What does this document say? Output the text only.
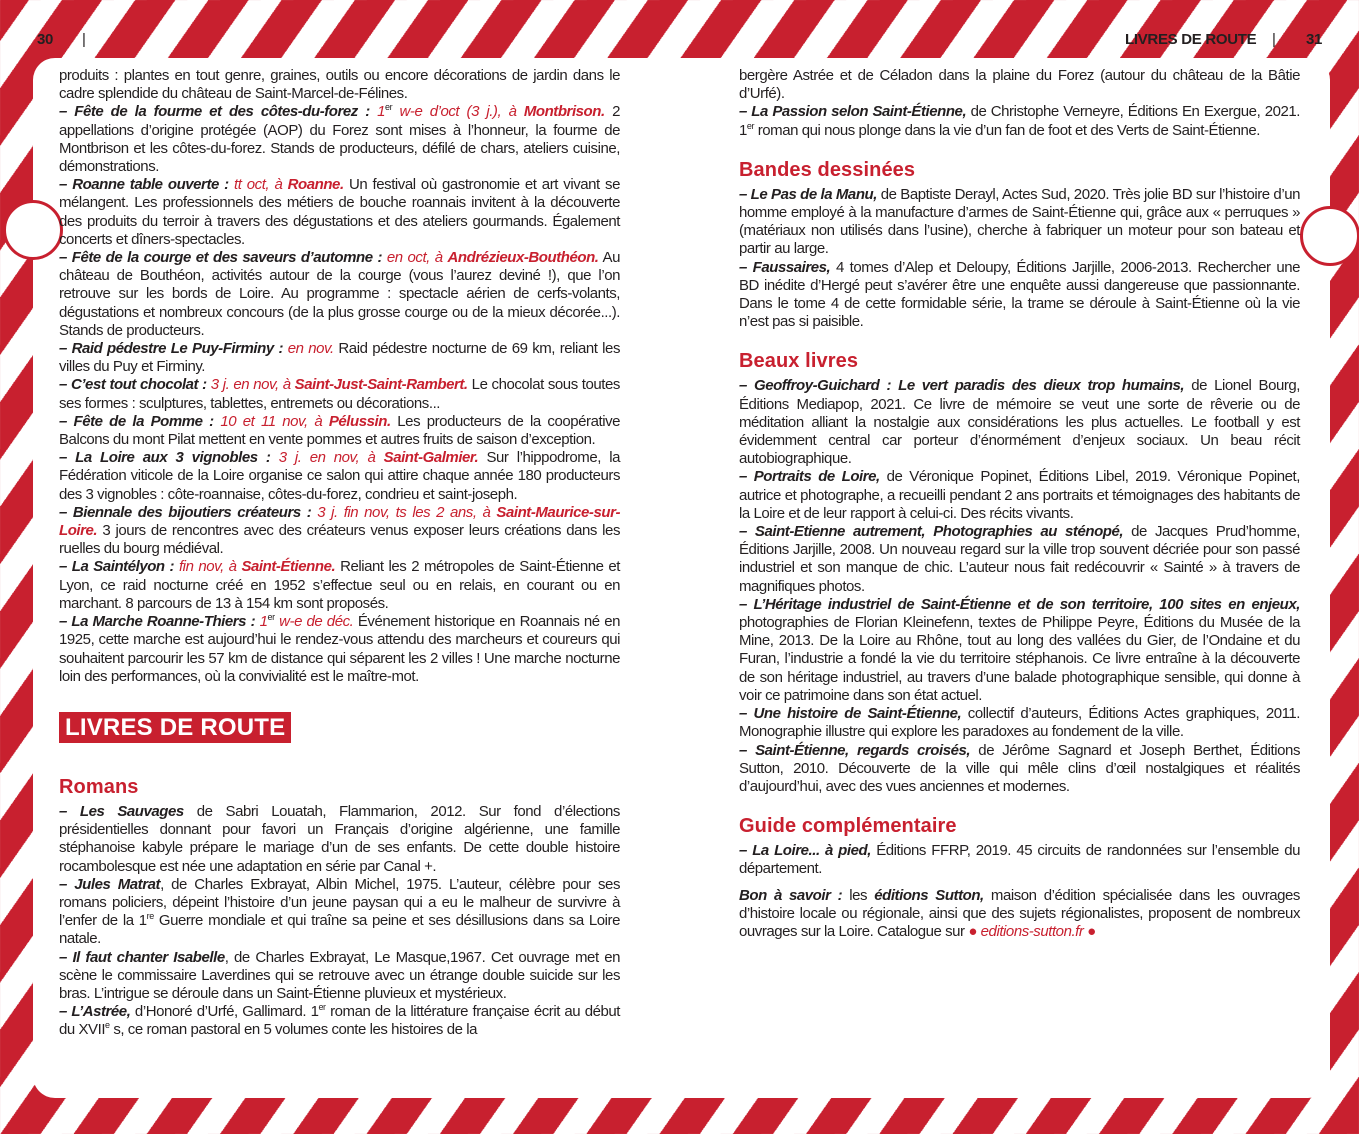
30 |	LIVRES DE ROUTE | 31

produits : plantes en tout genre, graines, outils ou encore décorations de jardin dans le cadre splendide du château de Saint-Marcel-de-Félines.

– Fête de la fourme et des côtes-du-forez : 1er w-e d’oct (3 j.), à Montbrison. 2 appellations d’origine protégée (AOP) du Forez sont mises à l’honneur, la fourme de Montbrison et les côtes-du-forez. Stands de producteurs, défilé de chars, ateliers cuisine, démonstrations.

– Roanne table ouverte : tt oct, à Roanne. Un festival où gastronomie et art vivant se mélangent. Les professionnels des métiers de bouche roannais invitent à la découverte des produits du terroir à travers des dégustations et des ateliers gourmands. Également concerts et dîners-spectacles.

– Fête de la courge et des saveurs d’automne : en oct, à Andrézieux-Bouthéon. Au château de Bouthéon, activités autour de la courge (vous l’aurez deviné !), que l’on retrouve sur les bords de Loire. Au programme : spectacle aérien de cerfs-volants, dégustations et nombreux concours (de la plus grosse courge ou de la mieux décorée...). Stands de producteurs.

– Raid pédestre Le Puy-Firminy : en nov. Raid pédestre nocturne de 69 km, reliant les villes du Puy et Firminy.

– C’est tout chocolat : 3 j. en nov, à Saint-Just-Saint-Rambert. Le chocolat sous toutes ses formes : sculptures, tablettes, entremets ou décorations...

– Fête de la Pomme : 10 et 11 nov, à Pélussin. Les producteurs de la coopérative Balcons du mont Pilat mettent en vente pommes et autres fruits de saison d’exception.

– La Loire aux 3 vignobles : 3 j. en nov, à Saint-Galmier. Sur l’hippodrome, la Fédération viticole de la Loire organise ce salon qui attire chaque année 180 producteurs des 3 vignobles : côte-roannaise, côtes-du-forez, condrieu et saint-joseph.

– Biennale des bijoutiers créateurs : 3 j. fin nov, ts les 2 ans, à Saint-Maurice-sur-Loire. 3 jours de rencontres avec des créateurs venus exposer leurs créations dans les ruelles du bourg médiéval.

– La Saintélyon : fin nov, à Saint-Étienne. Reliant les 2 métropoles de Saint-Étienne et Lyon, ce raid nocturne créé en 1952 s’effectue seul ou en relais, en courant ou en marchant. 8 parcours de 13 à 154 km sont proposés.

– La Marche Roanne-Thiers : 1er w-e de déc. Événement historique en Roannais né en 1925, cette marche est aujourd’hui le rendez-vous attendu des marcheurs et coureurs qui souhaitent parcourir les 57 km de distance qui séparent les 2 villes ! Une marche nocturne loin des performances, où la convivialité est le maître-mot.

LIVRES DE ROUTE
Romans

– Les Sauvages de Sabri Louatah, Flammarion, 2012. Sur fond d’élections présidentielles donnant pour favori un Français d’origine algérienne, une famille stéphanoise kabyle prépare le mariage d’un de ses enfants. De cette double histoire rocambolesque est née une adaptation en série par Canal +.

– Jules Matrat, de Charles Exbrayat, Albin Michel, 1975. L’auteur, célèbre pour ses romans policiers, dépeint l’histoire d’un jeune paysan qui a eu le malheur de survivre à l’enfer de la 1re Guerre mondiale et qui traîne sa peine et ses désillusions dans sa Loire natale.

– Il faut chanter Isabelle, de Charles Exbrayat, Le Masque,1967. Cet ouvrage met en scène le commissaire Laverdines qui se retrouve avec un étrange double suicide sur les bras. L’intrigue se déroule dans un Saint-Étienne pluvieux et mystérieux.

– L’Astrée, d’Honoré d’Urfé, Gallimard. 1er roman de la littérature française écrit au début du XVIIe s, ce roman pastoral en 5 volumes conte les histoires de la

bergère Astrée et de Céladon dans la plaine du Forez (autour du château de la Bâtie d’Urfé).

– La Passion selon Saint-Étienne, de Christophe Verneyre, Éditions En Exergue, 2021. 1er roman qui nous plonge dans la vie d’un fan de foot et des Verts de Saint-Étienne.

Bandes dessinées

– Le Pas de la Manu, de Baptiste Derayl, Actes Sud, 2020. Très jolie BD sur l’histoire d’un homme employé à la manufacture d’armes de Saint-Étienne qui, grâce aux « perruques » (matériaux non utilisés dans l’usine), cherche à fabriquer un moteur pour son bateau et partir au large.

– Faussaires, 4 tomes d’Alep et Deloupy, Éditions Jarjille, 2006-2013. Rechercher une BD inédite d’Hergé peut s’avérer être une enquête aussi dangereuse que passionnante. Dans le tome 4 de cette formidable série, la trame se déroule à Saint-Étienne où la vie n’est pas si paisible.

Beaux livres

– Geoffroy-Guichard : Le vert paradis des dieux trop humains, de Lionel Bourg, Éditions Mediapop, 2021. Ce livre de mémoire se veut une sorte de rêverie ou de méditation alliant la nostalgie aux considérations les plus actuelles. Le football y est évidemment central car porteur d’énormément d’enjeux sociaux. Un beau récit autobiographique.

– Portraits de Loire, de Véronique Popinet, Éditions Libel, 2019. Véronique Popinet, autrice et photographe, a recueilli pendant 2 ans portraits et témoignages des habitants de la Loire et de leur rapport à celui-ci. Des récits vivants.

– Saint-Etienne autrement, Photographies au sténopé, de Jacques Prud’homme, Éditions Jarjille, 2008. Un nouveau regard sur la ville trop souvent décriée pour son passé industriel et son manque de chic. L’auteur nous fait redécouvrir « Sainté » à travers de magnifiques photos.

– L’Héritage industriel de Saint-Étienne et de son territoire, 100 sites en enjeux, photographies de Florian Kleinefenn, textes de Philippe Peyre, Éditions du Musée de la Mine, 2013. De la Loire au Rhône, tout au long des vallées du Gier, de l’Ondaine et du Furan, l’industrie a fondé la vie du territoire stéphanois. Ce livre entraîne à la découverte de son héritage industriel, au travers d’une balade photographique sensible, qui donne à voir ce patrimoine dans son état actuel.

– Une histoire de Saint-Étienne, collectif d’auteurs, Éditions Actes graphiques, 2011. Monographie illustre qui explore les paradoxes au fondement de la ville.

– Saint-Étienne, regards croisés, de Jérôme Sagnard et Joseph Berthet, Éditions Sutton, 2010. Découverte de la ville qui mêle clins d’œil nostalgiques et réalités d’aujourd’hui, avec des vues anciennes et modernes.

Guide complémentaire

– La Loire... à pied, Éditions FFRP, 2019. 45 circuits de randonnées sur l’ensemble du département.

Bon à savoir : les éditions Sutton, maison d’édition spécialisée dans les ouvrages d’histoire locale ou régionale, ainsi que des sujets régionalistes, proposent de nombreux ouvrages sur la Loire. Catalogue sur ● editions-sutton.fr ●
